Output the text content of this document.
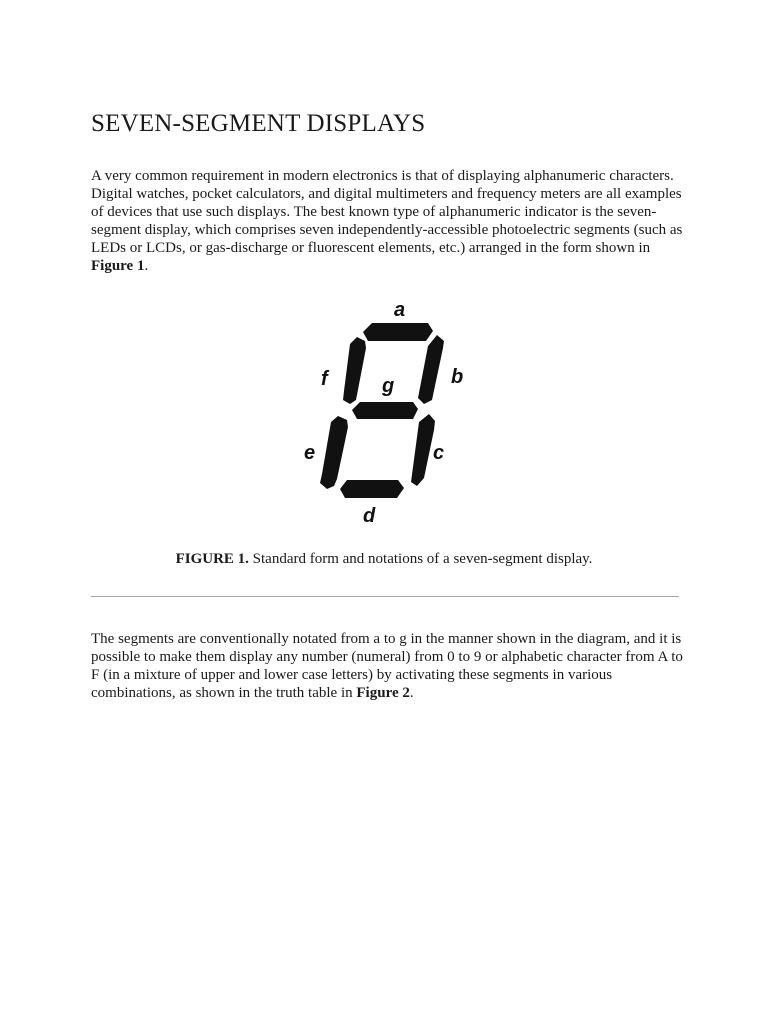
SEVEN-SEGMENT DISPLAYS

A very common requirement in modern electronics is that of displaying alphanumeric characters. Digital watches, pocket calculators, and digital multimeters and frequency meters are all examples of devices that use such displays. The best known type of alphanumeric indicator is the seven-segment display, which comprises seven independently-accessible photoelectric segments (such as LEDs or LCDs, or gas-discharge or fluorescent elements, etc.) arranged in the form shown in Figure 1.

a
b
c
d
e
f	g
FIGURE 1. Standard form and notations of a seven-segment display.

The segments are conventionally notated from a to g in the manner shown in the diagram, and it is possible to make them display any number (numeral) from 0 to 9 or alphabetic character from A to F (in a mixture of upper and lower case letters) by activating these segments in various combinations, as shown in the truth table in Figure 2.
